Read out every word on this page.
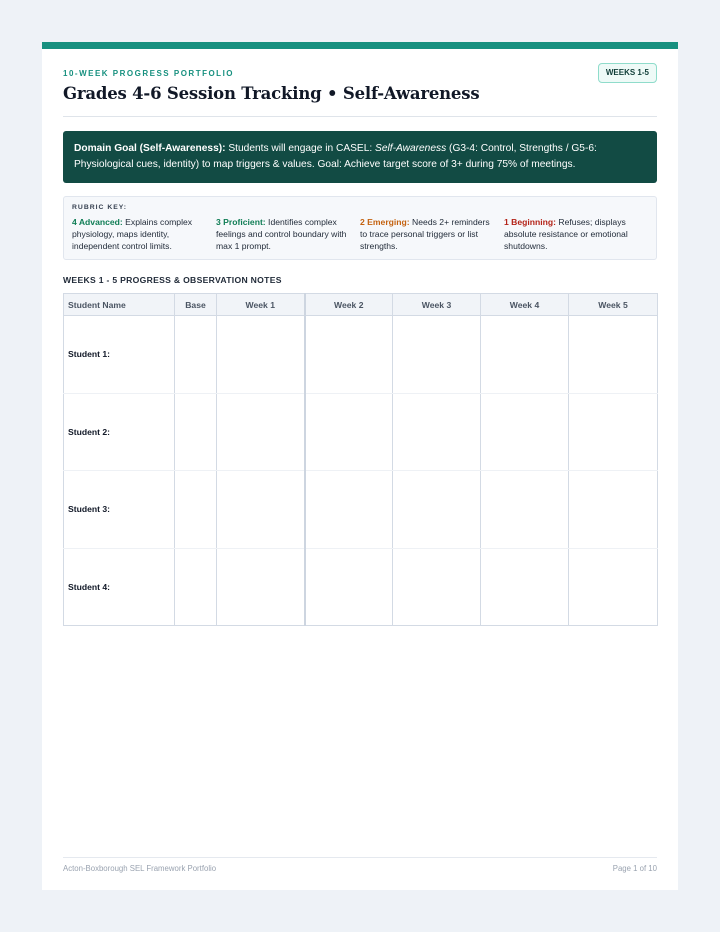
10-WEEK PROGRESS PORTFOLIO
Grades 4-6 Session Tracking • Self-Awareness
WEEKS 1-5
Domain Goal (Self-Awareness): Students will engage in CASEL: Self-Awareness (G3-4: Control, Strengths / G5-6: Physiological cues, identity) to map triggers & values. Goal: Achieve target score of 3+ during 75% of meetings.
RUBRIC KEY:
4 Advanced: Explains complex physiology, maps identity, independent control limits.
3 Proficient: Identifies complex feelings and control boundary with max 1 prompt.
2 Emerging: Needs 2+ reminders to trace personal triggers or list strengths.
1 Beginning: Refuses; displays absolute resistance or emotional shutdowns.
WEEKS 1 - 5 PROGRESS & OBSERVATION NOTES
Student Name	Base	Week 1	Week 2	Week 3	Week 4	Week 5
Student 1:						
Student 2:						
Student 3:						
Student 4:						
Acton-Boxborough SEL Framework Portfolio	Page 1 of 10
